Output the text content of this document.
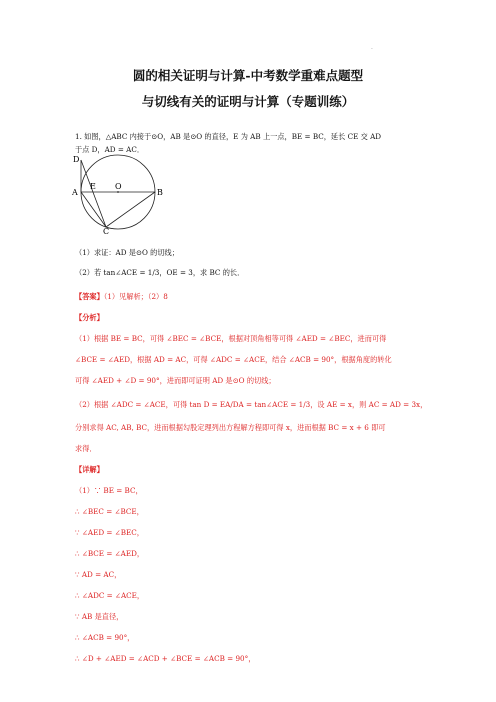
·
圆的相关证明与计算-中考数学重难点题型
与切线有关的证明与计算（专题训练）
1. 如图，△ABC 内接于⊙O，AB 是⊙O 的直径，E 为 AB 上一点，BE = BC，延长 CE 交 AD
于点 D，AD = AC．
D
A
E O
B
C
（1）求证：AD 是⊙O 的切线；
（2）若 tan∠ACE = 1/3，OE = 3，求 BC 的长．
【答案】（1）见解析；（2）8
【分析】
（1）根据 BE = BC，可得 ∠BEC = ∠BCE，根据对顶角相等可得 ∠AED = ∠BEC，进而可得
∠BCE = ∠AED，根据 AD = AC，可得 ∠ADC = ∠ACE，结合 ∠ACB = 90°，根据角度的转化
可得 ∠AED + ∠D = 90°，进而即可证明 AD 是⊙O 的切线；
（2）根据 ∠ADC = ∠ACE，可得 tan D = EA/DA = tan∠ACE = 1/3，设 AE = x，则 AC = AD = 3x，
分别求得 AC, AB, BC，进而根据勾股定理列出方程解方程即可得 x，进而根据 BC = x + 6 即可
求得．
【详解】
（1）∵ BE = BC，
∴ ∠BEC = ∠BCE，
∵ ∠AED = ∠BEC，
∴ ∠BCE = ∠AED，
∵ AD = AC，
∴ ∠ADC = ∠ACE，
∵ AB 是直径，
∴ ∠ACB = 90°，
∴ ∠D + ∠AED = ∠ACD + ∠BCE = ∠ACB = 90°，
